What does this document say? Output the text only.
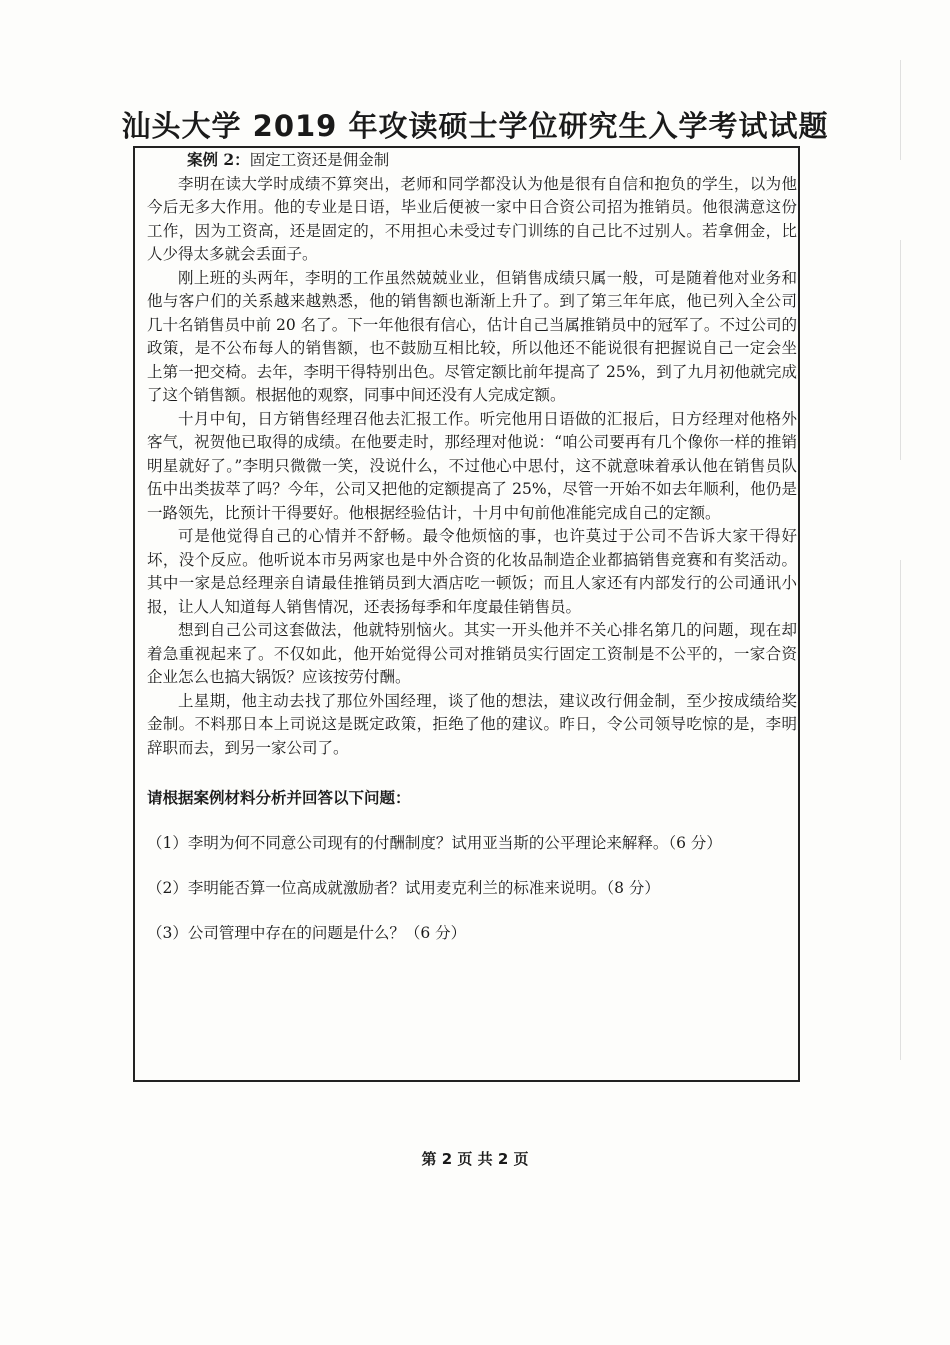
汕头大学 2019 年攻读硕士学位研究生入学考试试题

案例 2：固定工资还是佣金制

李明在读大学时成绩不算突出，老师和同学都没认为他是很有自信和抱负的学生，以为他今后无多大作用。他的专业是日语，毕业后便被一家中日合资公司招为推销员。他很满意这份工作，因为工资高，还是固定的，不用担心未受过专门训练的自己比不过别人。若拿佣金，比人少得太多就会丢面子。

刚上班的头两年，李明的工作虽然兢兢业业，但销售成绩只属一般，可是随着他对业务和他与客户们的关系越来越熟悉，他的销售额也渐渐上升了。到了第三年年底，他已列入全公司几十名销售员中前 20 名了。下一年他很有信心，估计自己当属推销员中的冠军了。不过公司的政策，是不公布每人的销售额，也不鼓励互相比较，所以他还不能说很有把握说自己一定会坐上第一把交椅。去年，李明干得特别出色。尽管定额比前年提高了 25%，到了九月初他就完成了这个销售额。根据他的观察，同事中间还没有人完成定额。

十月中旬，日方销售经理召他去汇报工作。听完他用日语做的汇报后，日方经理对他格外客气，祝贺他已取得的成绩。在他要走时，那经理对他说：“咱公司要再有几个像你一样的推销明星就好了。”李明只微微一笑，没说什么，不过他心中思付，这不就意味着承认他在销售员队伍中出类拔萃了吗？今年，公司又把他的定额提高了 25%，尽管一开始不如去年顺利，他仍是一路领先，比预计干得要好。他根据经验估计，十月中旬前他准能完成自己的定额。

可是他觉得自己的心情并不舒畅。最令他烦恼的事，也许莫过于公司不告诉大家干得好坏，没个反应。他听说本市另两家也是中外合资的化妆品制造企业都搞销售竞赛和有奖活动。其中一家是总经理亲自请最佳推销员到大酒店吃一顿饭；而且人家还有内部发行的公司通讯小报，让人人知道每人销售情况，还表扬每季和年度最佳销售员。

想到自己公司这套做法，他就特别恼火。其实一开头他并不关心排名第几的问题，现在却着急重视起来了。不仅如此，他开始觉得公司对推销员实行固定工资制是不公平的，一家合资企业怎么也搞大锅饭？应该按劳付酬。

上星期，他主动去找了那位外国经理，谈了他的想法，建议改行佣金制，至少按成绩给奖金制。不料那日本上司说这是既定政策，拒绝了他的建议。昨日，令公司领导吃惊的是，李明辞职而去，到另一家公司了。

请根据案例材料分析并回答以下问题：

（1）李明为何不同意公司现有的付酬制度？试用亚当斯的公平理论来解释。（6 分）

（2）李明能否算一位高成就激励者？试用麦克利兰的标准来说明。（8 分）

（3）公司管理中存在的问题是什么？（6 分）

第 2 页 共 2 页
